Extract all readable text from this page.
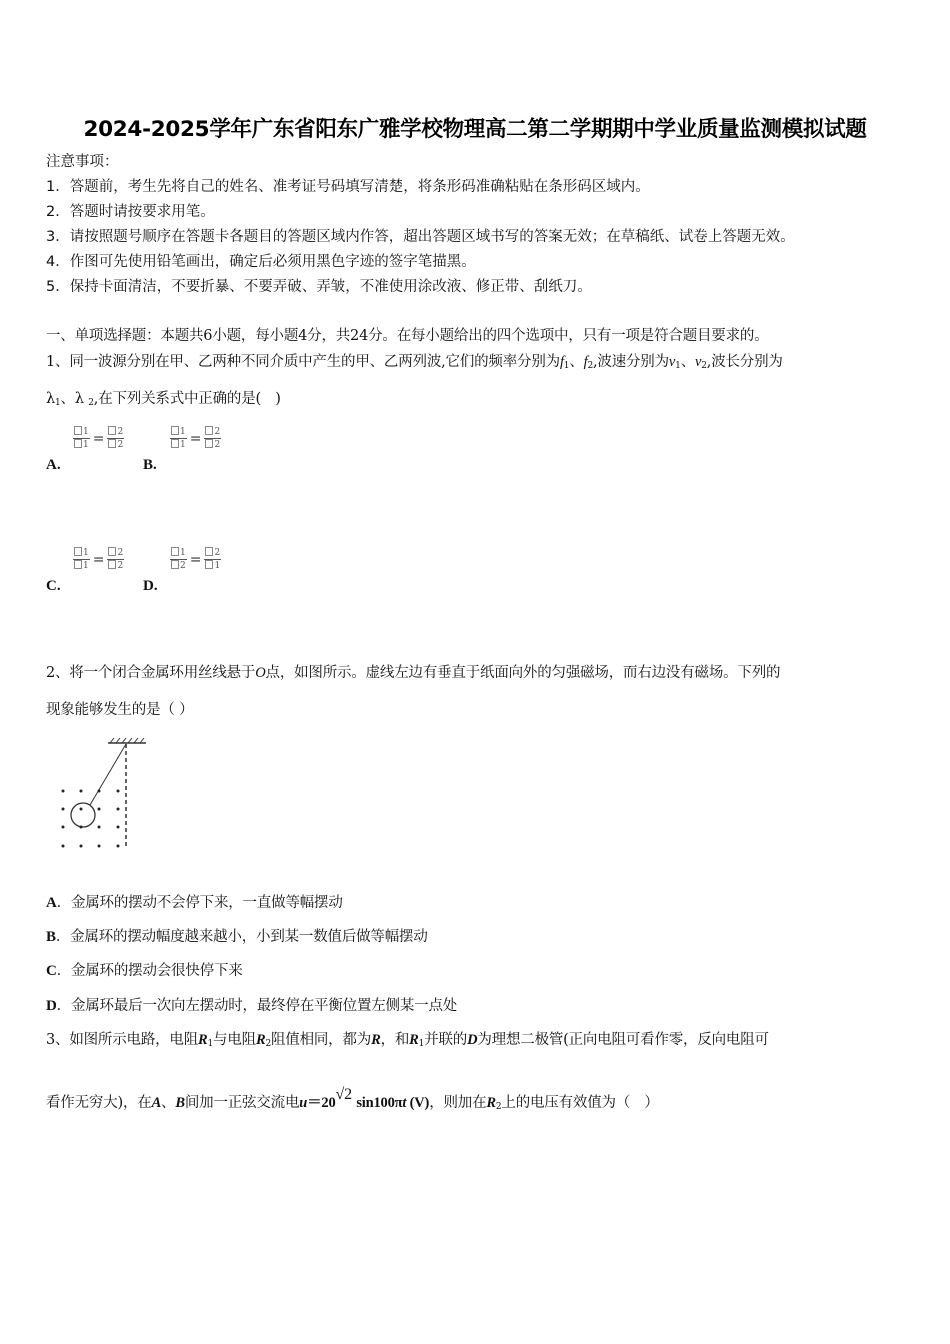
2024-2025学年广东省阳东广雅学校物理高二第二学期期中学业质量监测模拟试题
注意事项：
1．答题前，考生先将自己的姓名、准考证号码填写清楚，将条形码准确粘贴在条形码区域内。
2．答题时请按要求用笔。
3．请按照题号顺序在答题卡各题目的答题区域内作答，超出答题区域书写的答案无效；在草稿纸、试卷上答题无效。
4．作图可先使用铅笔画出，确定后必须用黑色字迹的签字笔描黑。
5．保持卡面清洁，不要折暴、不要弄破、弄皱，不准使用涂改液、修正带、刮纸刀。
一、单项选择题：本题共6小题，每小题4分，共24分。在每小题给出的四个选项中，只有一项是符合题目要求的。
1、同一波源分别在甲、乙两种不同介质中产生的甲、乙两列波,它们的频率分别为$f_1$、$f_2$,波速分别为$v_1$、$v_2$,波长分别为
$\lambda_1$、λ $_2$,在下列关系式中正确的是(　)
A.
$\frac{1}{1} = \frac{2}{2}$
B.
$\frac{1}{1} = \frac{2}{2}$
C.
$\frac{1}{1} = \frac{2}{2}$
D.
$\frac{1}{2} = \frac{2}{1}$
2、将一个闭合金属环用丝线悬于O点，如图所示。虚线左边有垂直于纸面向外的匀强磁场，而右边没有磁场。下列的
现象能够发生的是（ ）
A．金属环的摆动不会停下来，一直做等幅摆动
B．金属环的摆动幅度越来越小，小到某一数值后做等幅摆动
C．金属环的摆动会很快停下来
D．金属环最后一次向左摆动时，最终停在平衡位置左侧某一点处
3、如图所示电路，电阻$R_1$与电阻$R_2$阻值相同，都为R，和$R_1$并联的D为理想二极管(正向电阻可看作零，反向电阻可
看作无穷大)，在A、B间加一正弦交流电u＝20√2 sin100πt (V)，则加在$R_2$上的电压有效值为（　）
